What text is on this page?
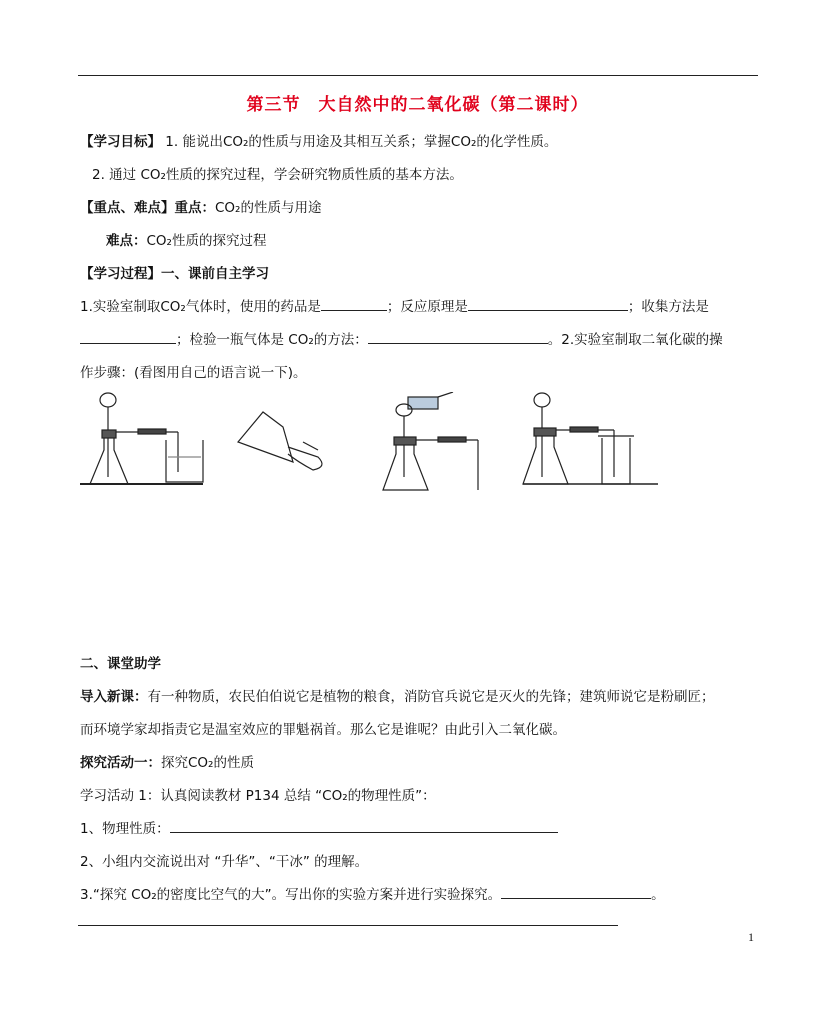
第三节　大自然中的二氧化碳（第二课时）
【学习目标】 1. 能说出CO₂的性质与用途及其相互关系；掌握CO₂的化学性质。
2. 通过 CO₂性质的探究过程，学会研究物质性质的基本方法。
【重点、难点】重点：CO₂的性质与用途
难点：CO₂性质的探究过程
【学习过程】一、课前自主学习
1.实验室制取CO₂气体时，使用的药品是	；反应原理是	；收集方法是
；检验一瓶气体是 CO₂的方法：	。2.实验室制取二氧化碳的操
作步骤：(看图用自己的语言说一下)。
二、课堂助学
导入新课：有一种物质，农民伯伯说它是植物的粮食，消防官兵说它是灭火的先锋；建筑师说它是粉刷匠；
而环境学家却指责它是温室效应的罪魁祸首。那么它是谁呢？由此引入二氧化碳。
探究活动一：探究CO₂的性质
学习活动 1：认真阅读教材 P134 总结 “CO₂的物理性质”：
1、物理性质：
2、小组内交流说出对 “升华”、“干冰” 的理解。
3.“探究 CO₂的密度比空气的大”。写出你的实验方案并进行实验探究。	。
1
